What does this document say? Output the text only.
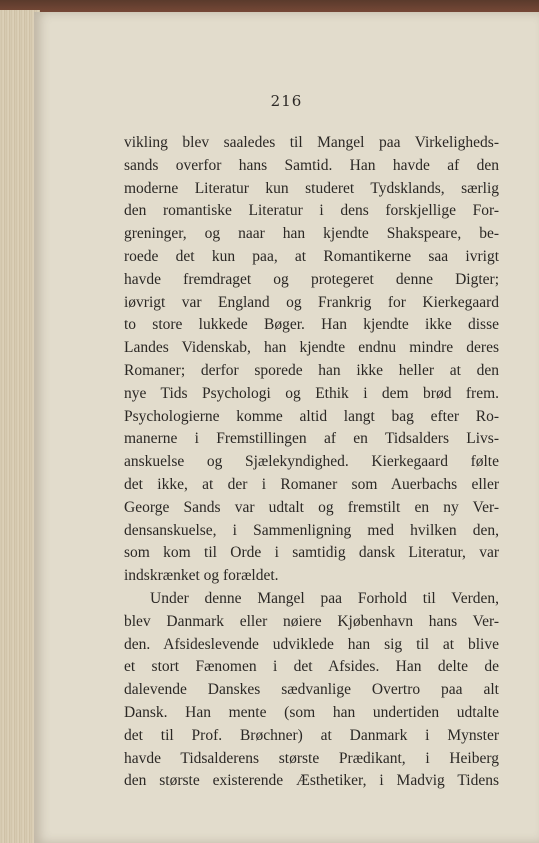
216
vikling blev saaledes til Mangel paa Virkeligheds-
sands overfor hans Samtid. Han havde af den
moderne Literatur kun studeret Tydsklands, særlig
den romantiske Literatur i dens forskjellige For-
greninger, og naar han kjendte Shakspeare, be-
roede det kun paa, at Romantikerne saa ivrigt
havde fremdraget og protegeret denne Digter;
iøvrigt var England og Frankrig for Kierkegaard
to store lukkede Bøger. Han kjendte ikke disse
Landes Videnskab, han kjendte endnu mindre deres
Romaner; derfor sporede han ikke heller at den
nye Tids Psychologi og Ethik i dem brød frem.
Psychologierne komme altid langt bag efter Ro-
manerne i Fremstillingen af en Tidsalders Livs-
anskuelse og Sjælekyndighed. Kierkegaard følte
det ikke, at der i Romaner som Auerbachs eller
George Sands var udtalt og fremstilt en ny Ver-
densanskuelse, i Sammenligning med hvilken den,
som kom til Orde i samtidig dansk Literatur, var
indskrænket og forældet.
Under denne Mangel paa Forhold til Verden,
blev Danmark eller nøiere Kjøbenhavn hans Ver-
den. Afsideslevende udviklede han sig til at blive
et stort Fænomen i det Afsides. Han delte de
dalevende Danskes sædvanlige Overtro paa alt
Dansk. Han mente (som han undertiden udtalte
det til Prof. Brøchner) at Danmark i Mynster
havde Tidsalderens største Prædikant, i Heiberg
den største existerende Æsthetiker, i Madvig Tidens
